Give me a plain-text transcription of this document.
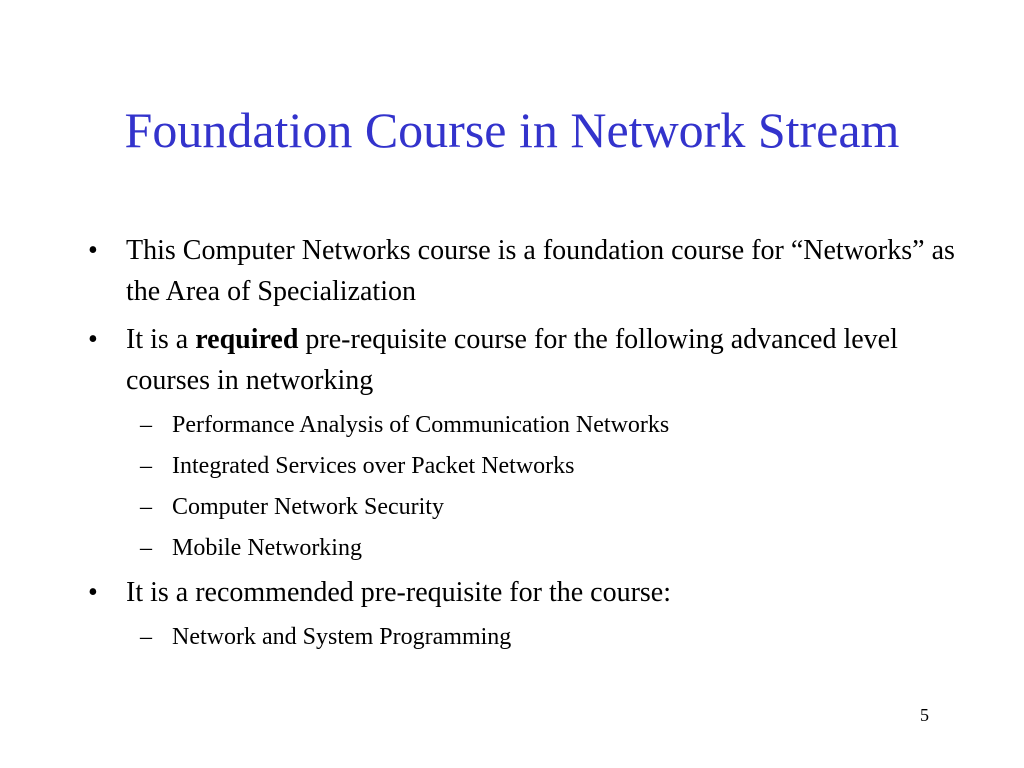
Foundation Course in Network Stream
•	This Computer Networks course is a foundation course for “Networks” as the Area of Specialization
•	It is a required pre-requisite course for the following advanced level courses in networking
– Performance Analysis of Communication Networks
– Integrated Services over Packet Networks
– Computer Network Security
– Mobile Networking
•	It is a recommended pre-requisite for the course:
– Network and System Programming
5
